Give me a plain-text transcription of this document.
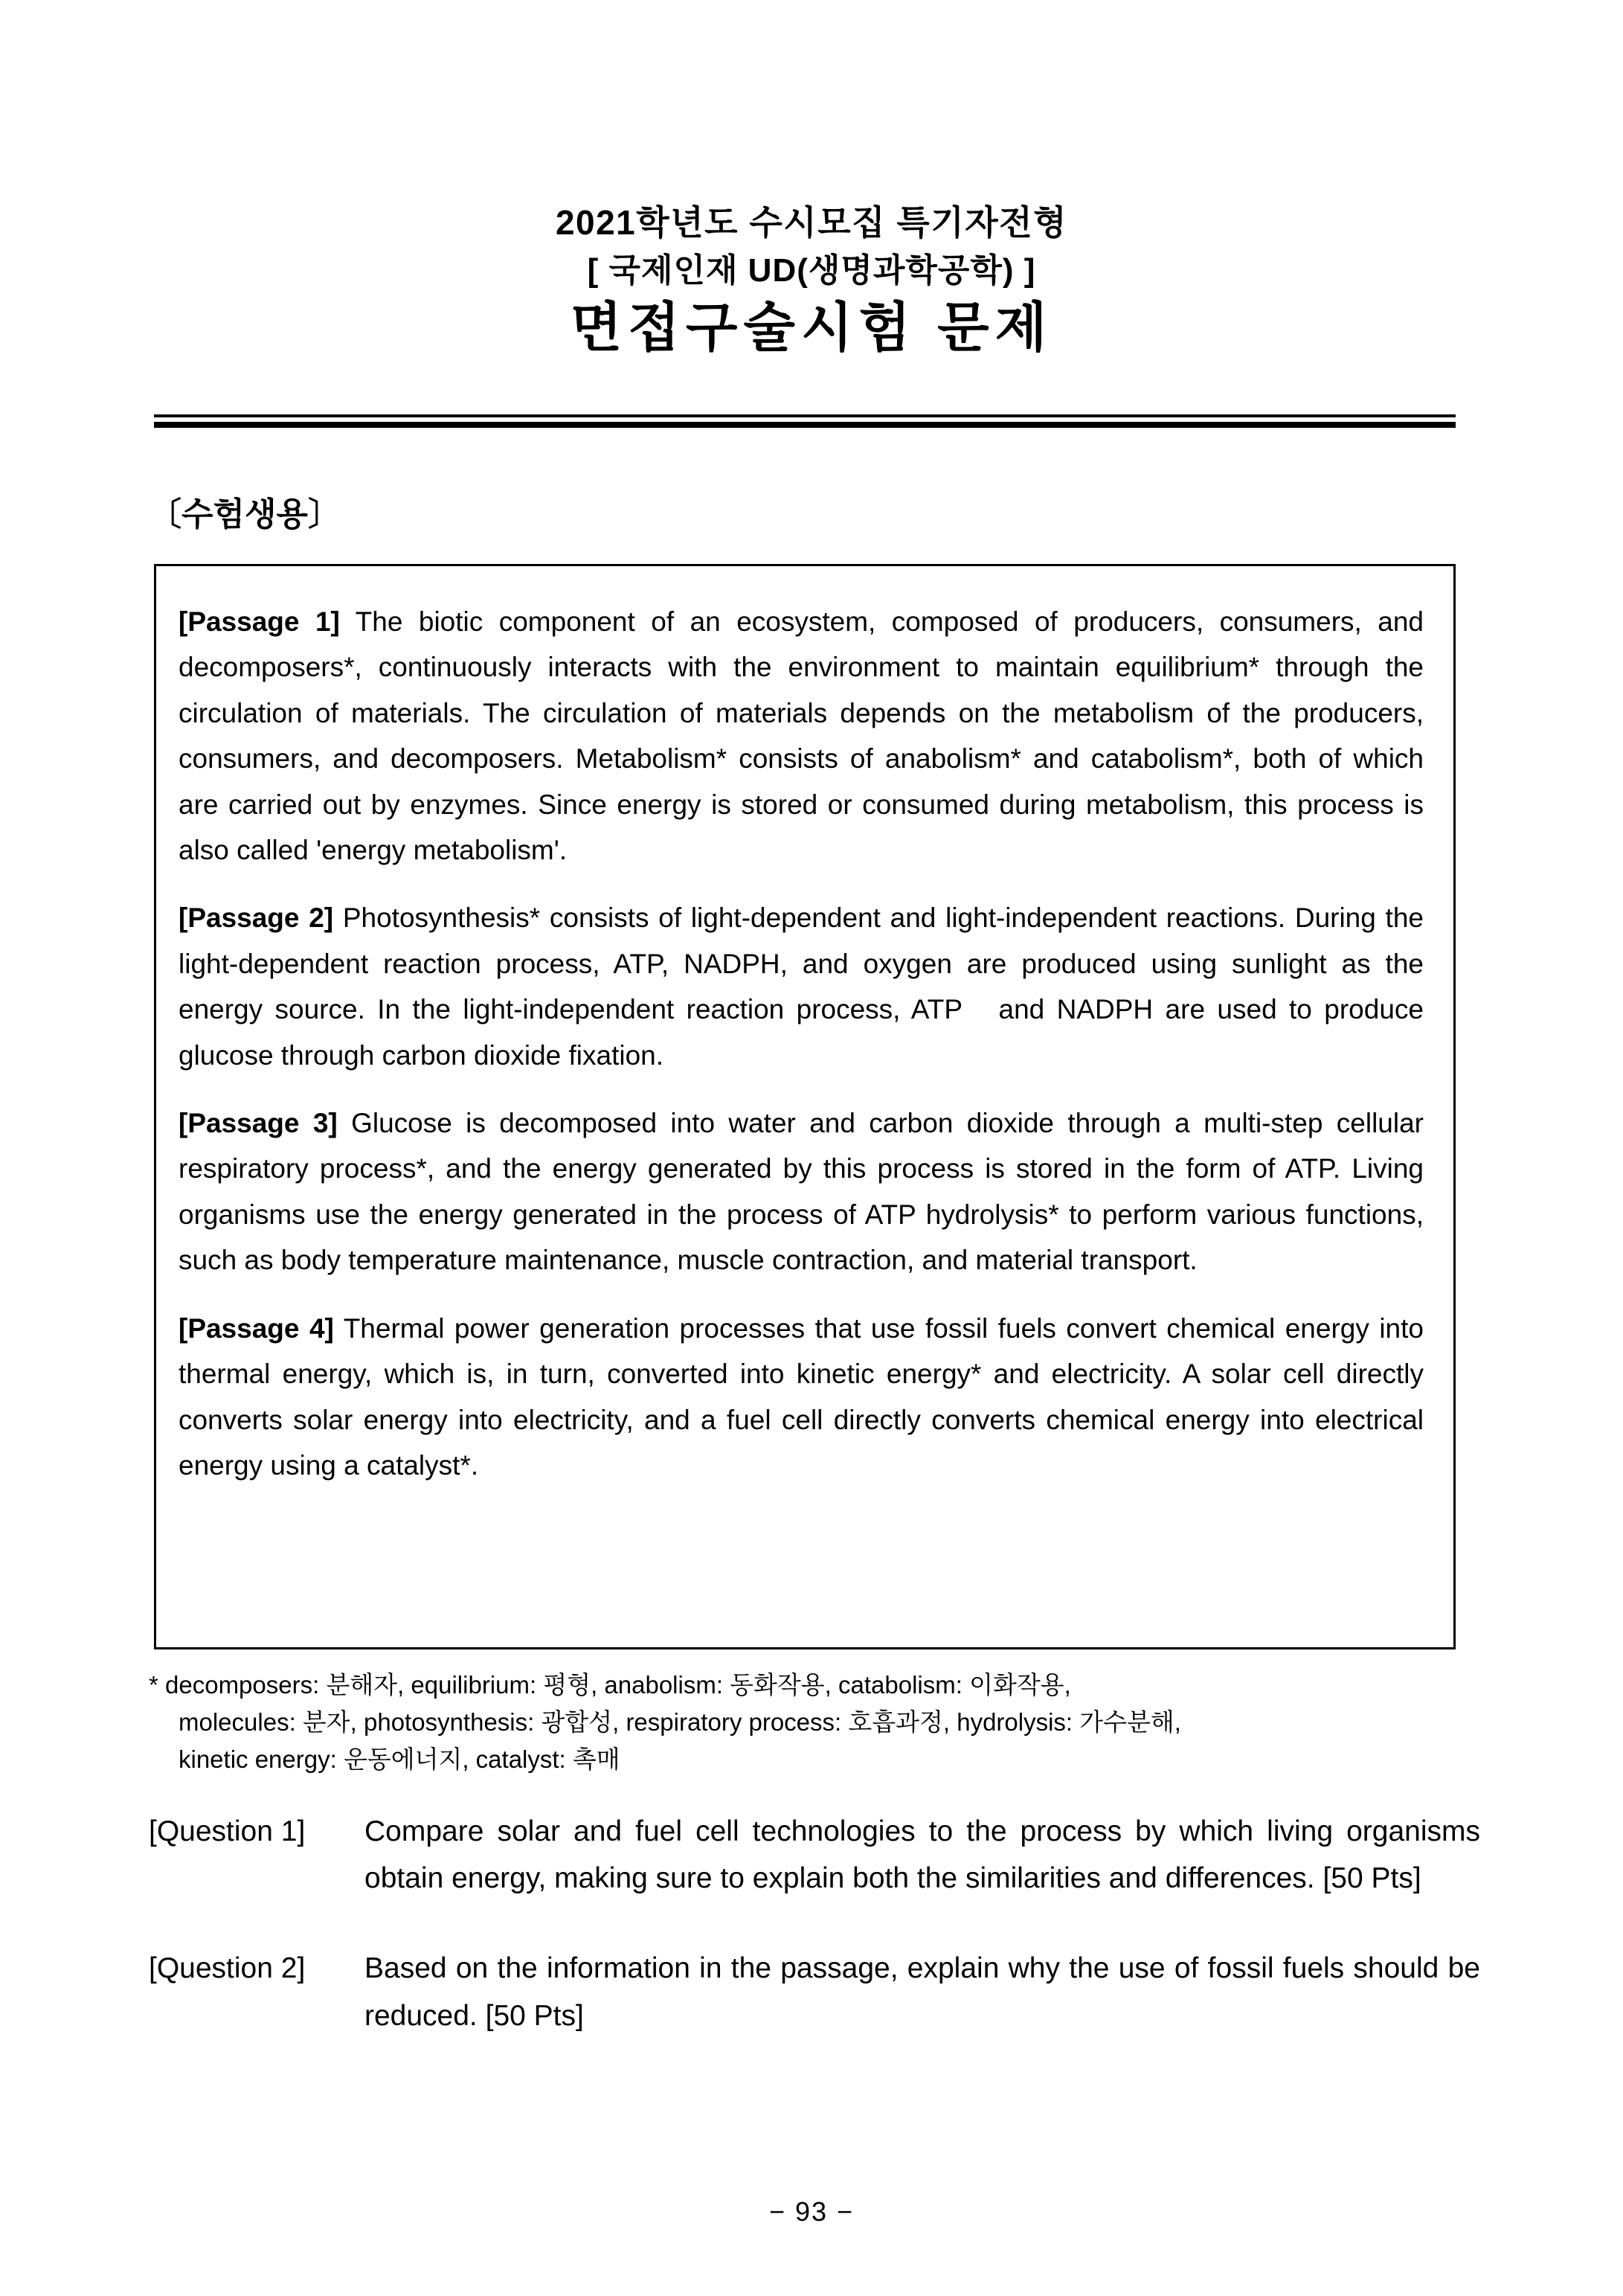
2021학년도 수시모집 특기자전형
[ 국제인재 UD(생명과학공학) ]
면접구술시험 문제
〔수험생용〕

[Passage 1] The biotic component of an ecosystem, composed of producers, consumers, and decomposers*, continuously interacts with the environment to maintain equilibrium* through the circulation of materials. The circulation of materials depends on the metabolism of the producers, consumers, and decomposers. Metabolism* consists of anabolism* and catabolism*, both of which are carried out by enzymes. Since energy is stored or consumed during metabolism, this process is also called 'energy metabolism'.

[Passage 2] Photosynthesis* consists of light-dependent and light-independent reactions. During the light-dependent reaction process, ATP, NADPH, and oxygen are produced using sunlight as the energy source. In the light-independent reaction process, ATP   and NADPH are used to produce glucose through carbon dioxide fixation.

[Passage 3] Glucose is decomposed into water and carbon dioxide through a multi-step cellular respiratory process*, and the energy generated by this process is stored in the form of ATP. Living organisms use the energy generated in the process of ATP hydrolysis* to perform various functions, such as body temperature maintenance, muscle contraction, and material transport.

[Passage 4] Thermal power generation processes that use fossil fuels convert chemical energy into thermal energy, which is, in turn, converted into kinetic energy* and electricity. A solar cell directly converts solar energy into electricity, and a fuel cell directly converts chemical energy into electrical energy using a catalyst*.

* decomposers: 분해자, equilibrium: 평형, anabolism: 동화작용, catabolism: 이화작용,
molecules: 분자, photosynthesis: 광합성, respiratory process: 호흡과정, hydrolysis: 가수분해,
kinetic energy: 운동에너지, catalyst: 촉매
[Question 1]	Compare solar and fuel cell technologies to the process by which living organisms obtain energy, making sure to explain both the similarities and differences. [50 Pts]
[Question 2]	Based on the information in the passage, explain why the use of fossil fuels should be reduced. [50 Pts]
− 93 −
